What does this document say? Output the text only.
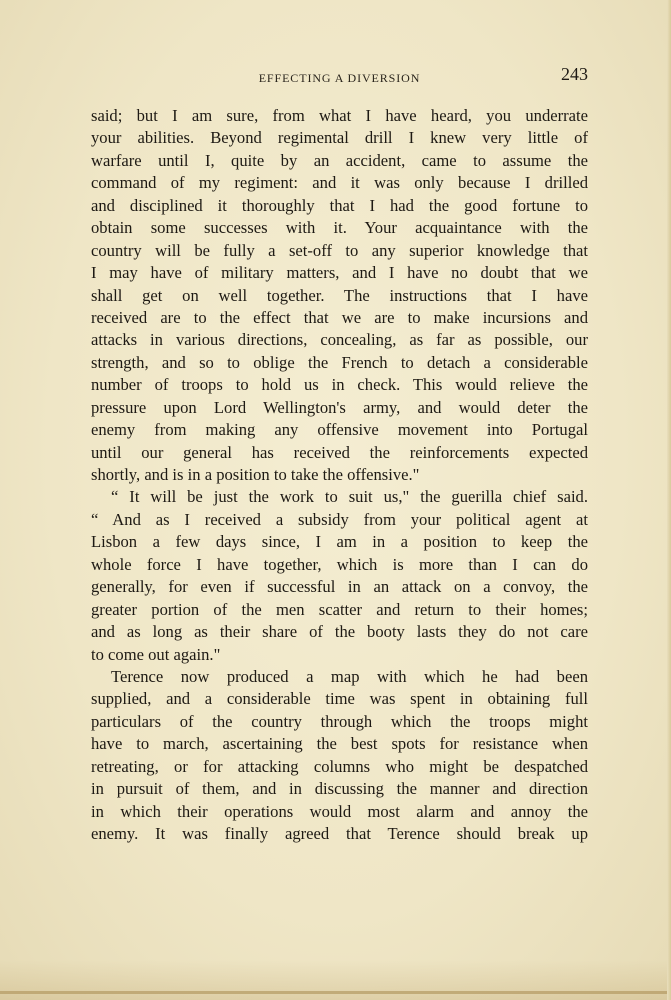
EFFECTING A DIVERSION	243
said; but I am sure, from what I have heard, you underrate
your abilities. Beyond regimental drill I knew very little of
warfare until I, quite by an accident, came to assume the
command of my regiment: and it was only because I drilled
and disciplined it thoroughly that I had the good fortune to
obtain some successes with it. Your acquaintance with the
country will be fully a set-off to any superior knowledge that
I may have of military matters, and I have no doubt that we
shall get on well together. The instructions that I have
received are to the effect that we are to make incursions and
attacks in various directions, concealing, as far as possible, our
strength, and so to oblige the French to detach a considerable
number of troops to hold us in check. This would relieve the
pressure upon Lord Wellington's army, and would deter the
enemy from making any offensive movement into Portugal
until our general has received the reinforcements expected
shortly, and is in a position to take the offensive."
“ It will be just the work to suit us," the guerilla chief said.
“ And as I received a subsidy from your political agent at
Lisbon a few days since, I am in a position to keep the
whole force I have together, which is more than I can do
generally, for even if successful in an attack on a convoy, the
greater portion of the men scatter and return to their homes;
and as long as their share of the booty lasts they do not care
to come out again."
Terence now produced a map with which he had been
supplied, and a considerable time was spent in obtaining full
particulars of the country through which the troops might
have to march, ascertaining the best spots for resistance when
retreating, or for attacking columns who might be despatched
in pursuit of them, and in discussing the manner and direction
in which their operations would most alarm and annoy the
enemy. It was finally agreed that Terence should break up
